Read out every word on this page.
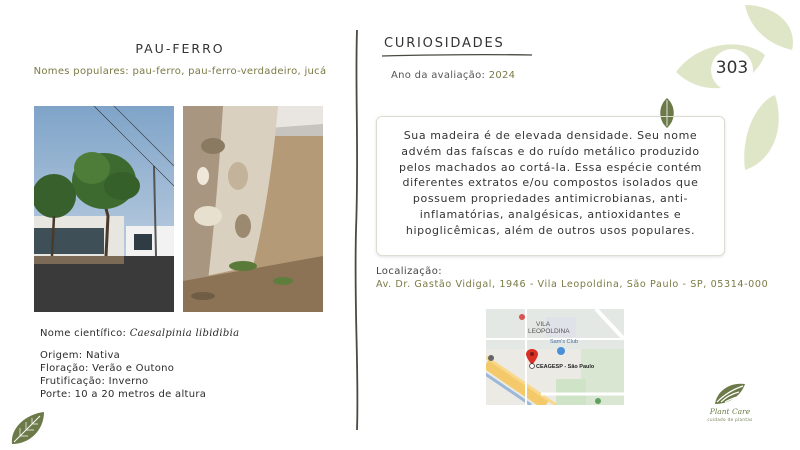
303
PAU-FERRO
Nomes populares: pau-ferro, pau-ferro-verdadeiro, jucá
Nome científico: Caesalpinia libidibia
Origem: Nativa
Floração: Verão e Outono
Frutificação: Inverno
Porte: 10 a 20 metros de altura
CURIOSIDADES
Ano da avaliação: 2024
Sua madeira é de elevada densidade. Seu nome advém das faíscas e do ruído metálico produzido pelos machados ao cortá-la. Essa espécie contém diferentes extratos e/ou compostos isolados que possuem propriedades antimicrobianas, anti-inflamatórias, analgésicas, antioxidantes e hipoglicêmicas, além de outros usos populares.
Localização:
Av. Dr. Gastão Vidigal, 1946 - Vila Leopoldina, São Paulo - SP, 05314-000
VILA
LEOPOLDINA
Sam's Club
CEAGESP - São Paulo
Plant Care
cuidado de plantas
